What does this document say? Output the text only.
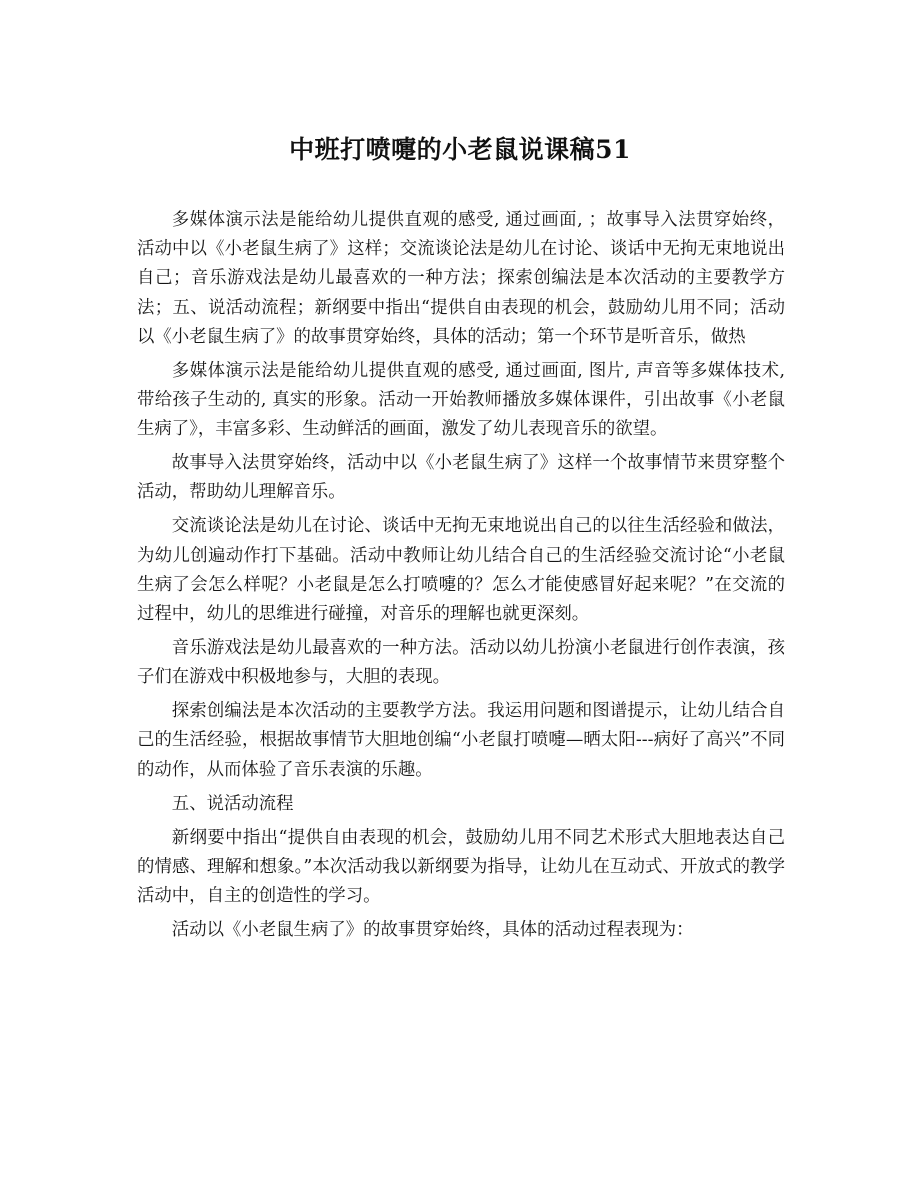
中班打喷嚏的小老鼠说课稿51

多媒体演示法是能给幼儿提供直观的感受, 通过画面, ；故事导入法贯穿始终，活动中以《小老鼠生病了》这样；交流谈论法是幼儿在讨论、谈话中无拘无束地说出自己；音乐游戏法是幼儿最喜欢的一种方法；探索创编法是本次活动的主要教学方法；五、说活动流程；新纲要中指出“提供自由表现的机会，鼓励幼儿用不同；活动以《小老鼠生病了》的故事贯穿始终，具体的活动；第一个环节是听音乐，做热

多媒体演示法是能给幼儿提供直观的感受, 通过画面, 图片, 声音等多媒体技术, 带给孩子生动的, 真实的形象。活动一开始教师播放多媒体课件，引出故事《小老鼠生病了》，丰富多彩、生动鲜活的画面，激发了幼儿表现音乐的欲望。

故事导入法贯穿始终，活动中以《小老鼠生病了》这样一个故事情节来贯穿整个活动，帮助幼儿理解音乐。

交流谈论法是幼儿在讨论、谈话中无拘无束地说出自己的以往生活经验和做法，为幼儿创遍动作打下基础。活动中教师让幼儿结合自己的生活经验交流讨论“小老鼠生病了会怎么样呢？小老鼠是怎么打喷嚏的？怎么才能使感冒好起来呢？”在交流的过程中，幼儿的思维进行碰撞，对音乐的理解也就更深刻。

音乐游戏法是幼儿最喜欢的一种方法。活动以幼儿扮演小老鼠进行创作表演，孩子们在游戏中积极地参与，大胆的表现。

探索创编法是本次活动的主要教学方法。我运用问题和图谱提示，让幼儿结合自己的生活经验，根据故事情节大胆地创编“小老鼠打喷嚏—晒太阳---病好了高兴”不同的动作，从而体验了音乐表演的乐趣。

五、说活动流程

新纲要中指出“提供自由表现的机会，鼓励幼儿用不同艺术形式大胆地表达自己的情感、理解和想象。”本次活动我以新纲要为指导，让幼儿在互动式、开放式的教学活动中，自主的创造性的学习。

活动以《小老鼠生病了》的故事贯穿始终，具体的活动过程表现为：
